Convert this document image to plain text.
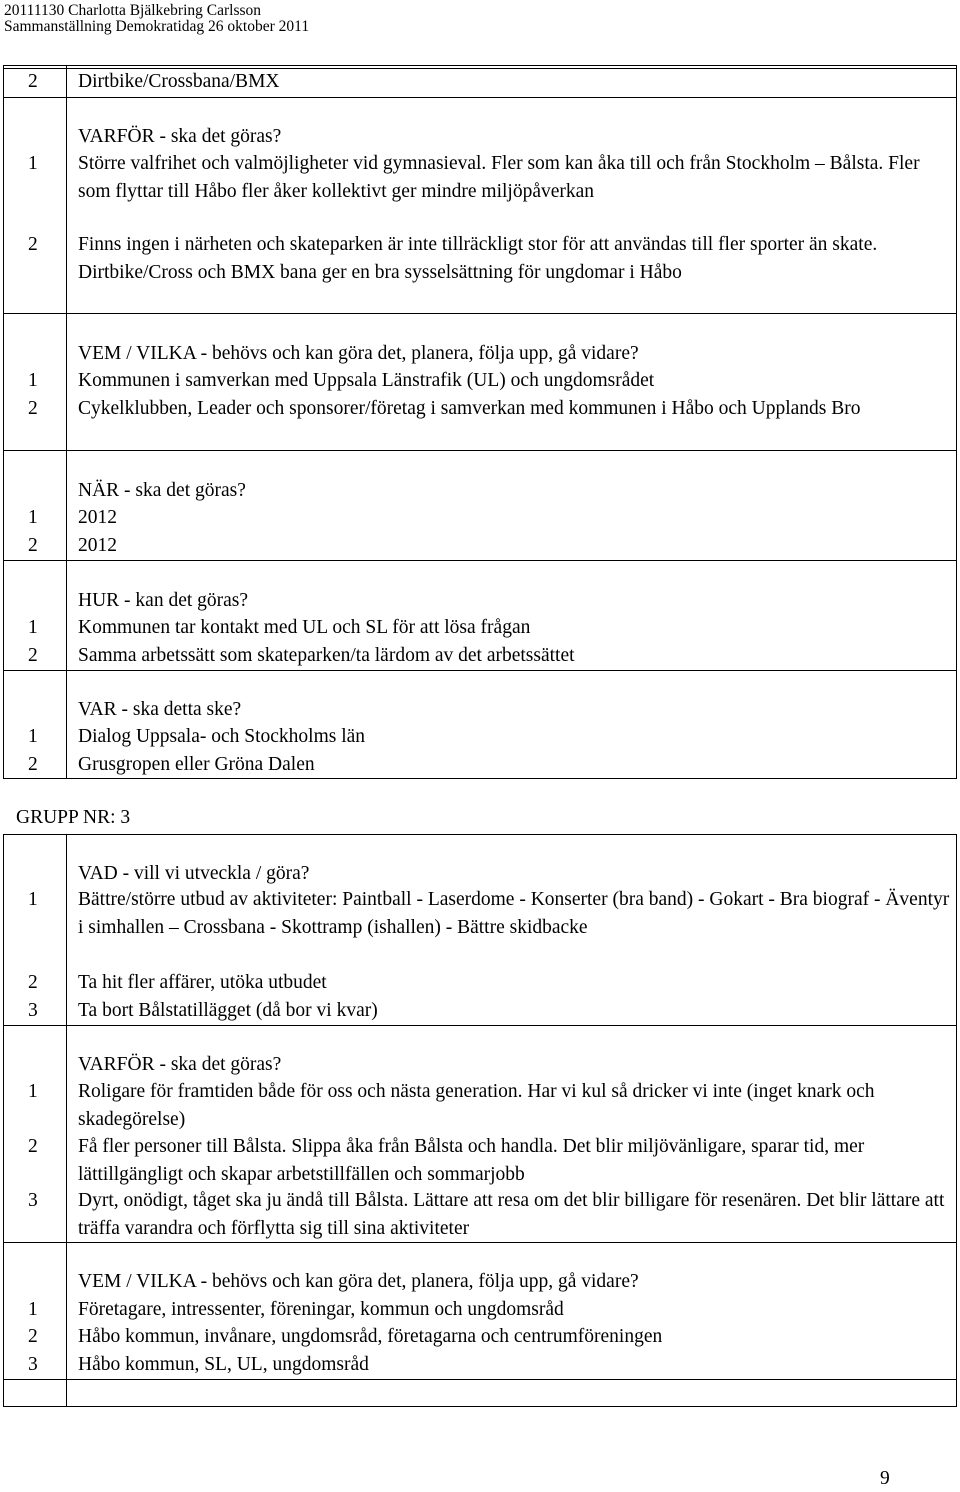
20111130 Charlotta Bjälkebring Carlsson
Sammanställning Demokratidag 26 oktober 2011
2 Dirtbike/Crossbana/BMX
VARFÖR - ska det göras?
1 Större valfrihet och valmöjligheter vid gymnasieval. Fler som kan åka till och från Stockholm – Bålsta. Fler som flyttar till Håbo fler åker kollektivt ger mindre miljöpåverkan
2 Finns ingen i närheten och skateparken är inte tillräckligt stor för att användas till fler sporter än skate. Dirtbike/Cross och BMX bana ger en bra sysselsättning för ungdomar i Håbo
VEM / VILKA - behövs och kan göra det, planera, följa upp, gå vidare?
1 Kommunen i samverkan med Uppsala Länstrafik (UL) och ungdomsrådet
2 Cykelklubben, Leader och sponsorer/företag i samverkan med kommunen i Håbo och Upplands Bro
NÄR - ska det göras?
1 2012
2 2012
HUR - kan det göras?
1 Kommunen tar kontakt med UL och SL för att lösa frågan
2 Samma arbetssätt som skateparken/ta lärdom av det arbetssättet
VAR - ska detta ske?
1 Dialog Uppsala- och Stockholms län
2 Grusgropen eller Gröna Dalen
GRUPP NR: 3
VAD - vill vi utveckla / göra?
1 Bättre/större utbud av aktiviteter: Paintball - Laserdome - Konserter (bra band) - Gokart - Bra biograf - Äventyr i simhallen – Crossbana - Skottramp (ishallen) - Bättre skidbacke
2 Ta hit fler affärer, utöka utbudet
3 Ta bort Bålstatillägget (då bor vi kvar)
VARFÖR - ska det göras?
1 Roligare för framtiden både för oss och nästa generation. Har vi kul så dricker vi inte (inget knark och skadegörelse)
2 Få fler personer till Bålsta. Slippa åka från Bålsta och handla. Det blir miljövänligare, sparar tid, mer lättillgängligt och skapar arbetstillfällen och sommarjobb
3 Dyrt, onödigt, tåget ska ju ändå till Bålsta. Lättare att resa om det blir billigare för resenären. Det blir lättare att träffa varandra och förflytta sig till sina aktiviteter
VEM / VILKA - behövs och kan göra det, planera, följa upp, gå vidare?
1 Företagare, intressenter, föreningar, kommun och ungdomsråd
2 Håbo kommun, invånare, ungdomsråd, företagarna och centrumföreningen
3 Håbo kommun, SL, UL, ungdomsråd
9
